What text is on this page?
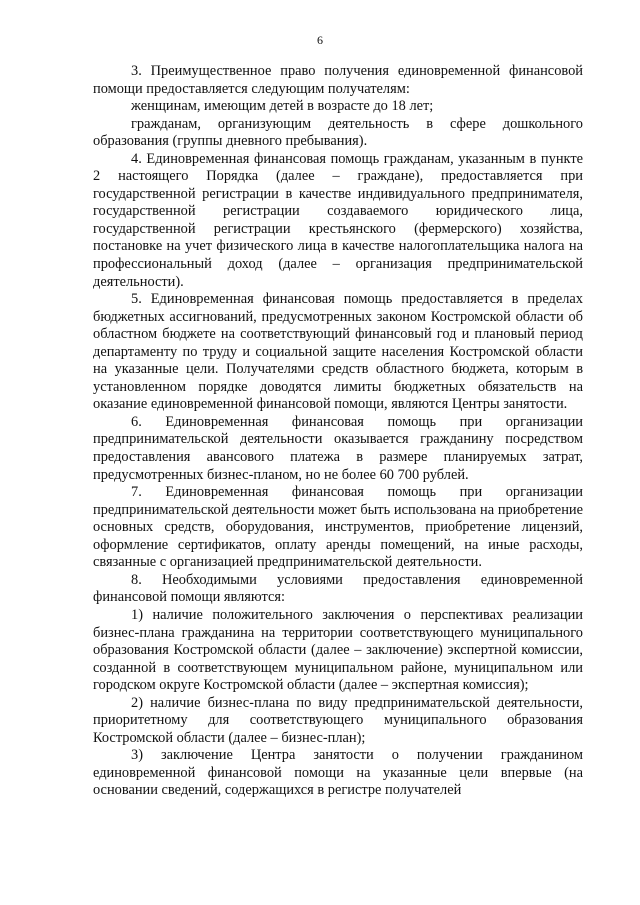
6

3. Преимущественное право получения единовременной финансовой помощи предоставляется следующим получателям:

женщинам, имеющим детей в возрасте до 18 лет;

гражданам, организующим деятельность в сфере дошкольного образования (группы дневного пребывания).

4. Единовременная финансовая помощь гражданам, указанным в пункте 2 настоящего Порядка (далее – граждане), предоставляется при государственной регистрации в качестве индивидуального предпринимателя, государственной регистрации создаваемого юридического лица, государственной регистрации крестьянского (фермерского) хозяйства, постановке на учет физического лица в качестве налогоплательщика налога на профессиональный доход (далее – организация предпринимательской деятельности).

5. Единовременная финансовая помощь предоставляется в пределах бюджетных ассигнований, предусмотренных законом Костромской области об областном бюджете на соответствующий финансовый год и плановый период департаменту по труду и социальной защите населения Костромской области на указанные цели. Получателями средств областного бюджета, которым в установленном порядке доводятся лимиты бюджетных обязательств на оказание единовременной финансовой помощи, являются Центры занятости.

6. Единовременная финансовая помощь при организации предпринимательской деятельности оказывается гражданину посредством предоставления авансового платежа в размере планируемых затрат, предусмотренных бизнес-планом, но не более 60 700 рублей.

7. Единовременная финансовая помощь при организации предпринимательской деятельности может быть использована на приобретение основных средств, оборудования, инструментов, приобретение лицензий, оформление сертификатов, оплату аренды помещений, на иные расходы, связанные с организацией предпринимательской деятельности.

8. Необходимыми условиями предоставления единовременной финансовой помощи являются:

1) наличие положительного заключения о перспективах реализации бизнес-плана гражданина на территории соответствующего муниципального образования Костромской области (далее – заключение) экспертной комиссии, созданной в соответствующем муниципальном районе, муниципальном или городском округе Костромской области (далее – экспертная комиссия);

2) наличие бизнес-плана по виду предпринимательской деятельности, приоритетному для соответствующего муниципального образования Костромской области (далее – бизнес-план);

3) заключение Центра занятости о получении гражданином единовременной финансовой помощи на указанные цели впервые (на основании сведений, содержащихся в регистре получателей
